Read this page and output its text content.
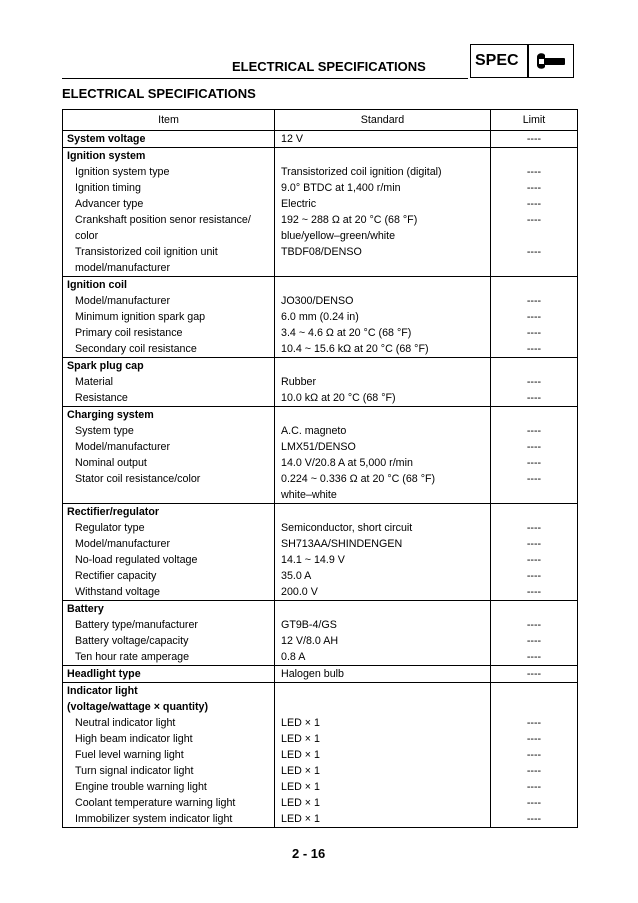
ELECTRICAL SPECIFICATIONS	SPEC
ELECTRICAL SPECIFICATIONS
Item	Standard	Limit
System voltage	12 V	----
Ignition system		
Ignition system type	Transistorized coil ignition (digital)	----
Ignition timing	9.0° BTDC at 1,400 r/min	----
Advancer type	Electric	----
Crankshaft position senor resistance/	192 ~ 288 Ω at 20 °C (68 °F)	----
color	blue/yellow–green/white	
Transistorized coil ignition unit	TBDF08/DENSO	----
model/manufacturer		
Ignition coil		
Model/manufacturer	JO300/DENSO	----
Minimum ignition spark gap	6.0 mm (0.24 in)	----
Primary coil resistance	3.4 ~ 4.6 Ω at 20 °C (68 °F)	----
Secondary coil resistance	10.4 ~ 15.6 kΩ at 20 °C (68 °F)	----
Spark plug cap		
Material	Rubber	----
Resistance	10.0 kΩ at 20 °C (68 °F)	----
Charging system		
System type	A.C. magneto	----
Model/manufacturer	LMX51/DENSO	----
Nominal output	14.0 V/20.8 A at 5,000 r/min	----
Stator coil resistance/color	0.224 ~ 0.336 Ω at 20 °C (68 °F)	----
	white–white	
Rectifier/regulator		
Regulator type	Semiconductor, short circuit	----
Model/manufacturer	SH713AA/SHINDENGEN	----
No-load regulated voltage	14.1 ~ 14.9 V	----
Rectifier capacity	35.0 A	----
Withstand voltage	200.0 V	----
Battery		
Battery type/manufacturer	GT9B-4/GS	----
Battery voltage/capacity	12 V/8.0 AH	----
Ten hour rate amperage	0.8 A	----
Headlight type	Halogen bulb	----
Indicator light		
(voltage/wattage × quantity)		
Neutral indicator light	LED × 1	----
High beam indicator light	LED × 1	----
Fuel level warning light	LED × 1	----
Turn signal indicator light	LED × 1	----
Engine trouble warning light	LED × 1	----
Coolant temperature warning light	LED × 1	----
Immobilizer system indicator light	LED × 1	----
2 - 16
